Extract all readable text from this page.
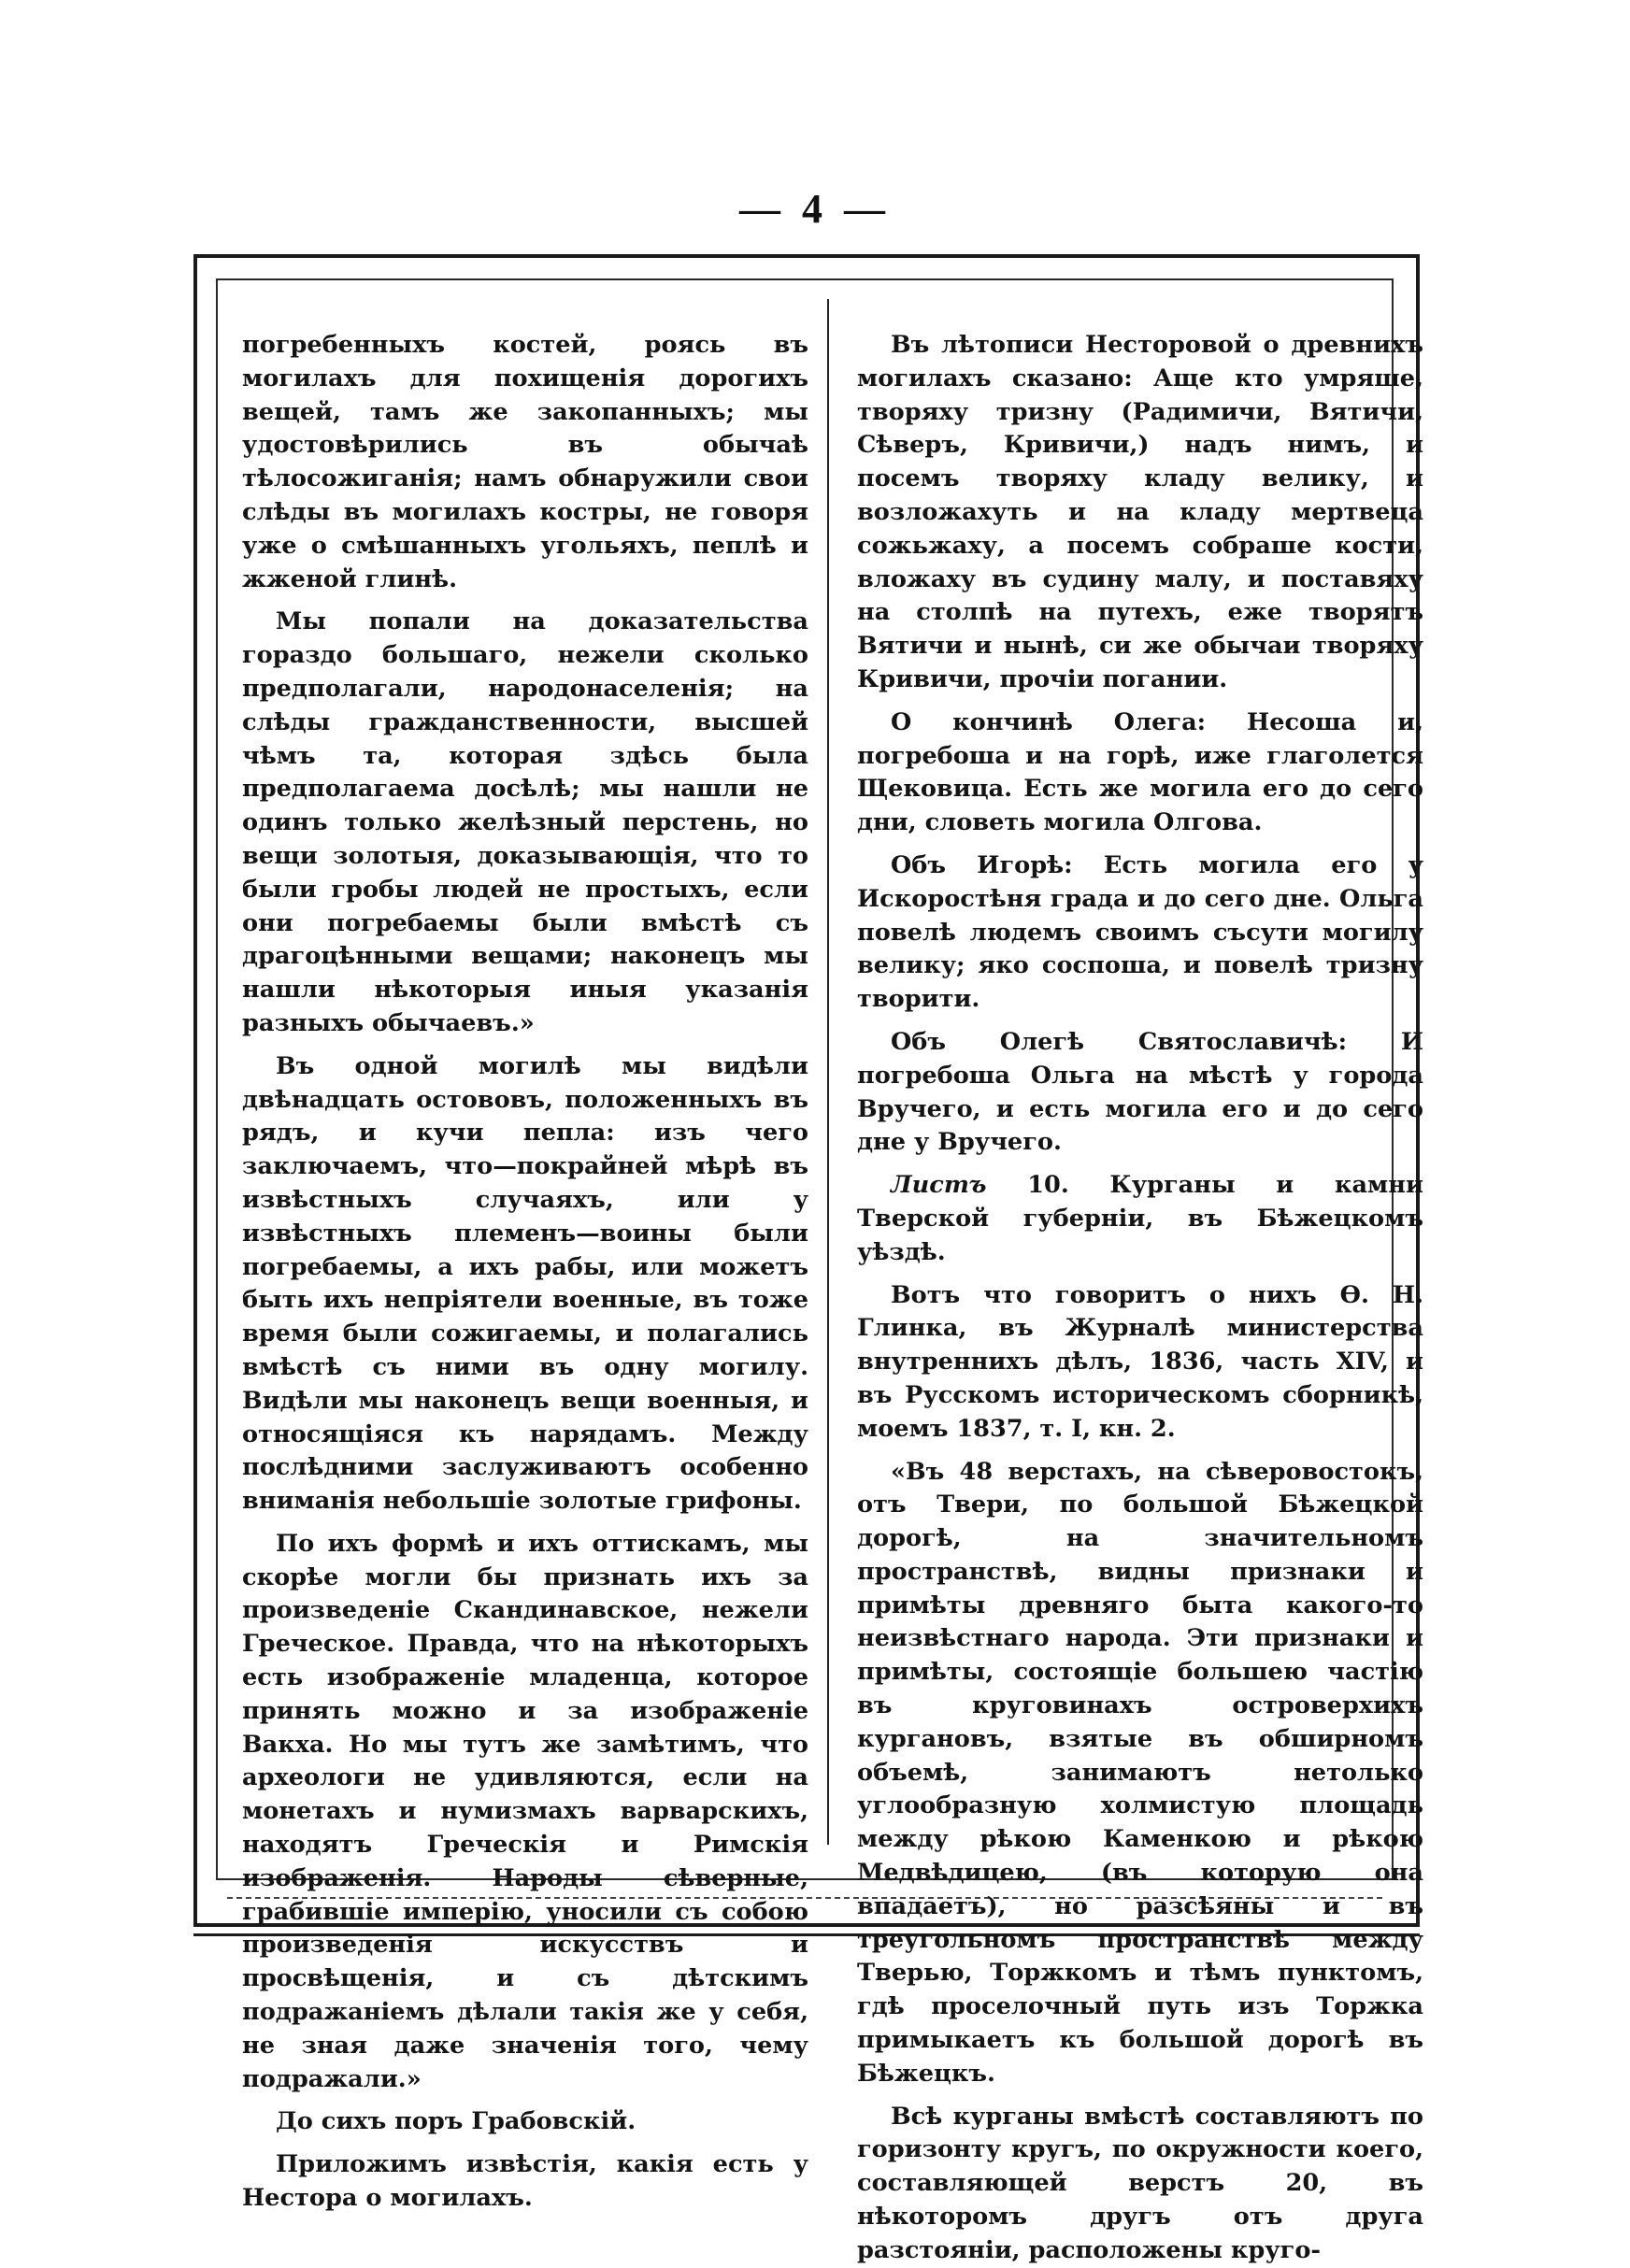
— 4 —

погребенныхъ костей, роясь въ могилахъ для похищенія дорогихъ вещей, тамъ же закопанныхъ; мы удостовѣрились въ обычаѣ тѣлосожиганія; намъ обнаружили свои слѣды въ могилахъ костры, не говоря уже о смѣшанныхъ угольяхъ, пеплѣ и жженой глинѣ.

Мы попали на доказательства гораздо большаго, нежели сколько предполагали, народонаселенія; на слѣды гражданственности, высшей чѣмъ та, которая здѣсь была предполагаема досѣлѣ; мы нашли не одинъ только желѣзный перстень, но вещи золотыя, доказывающія, что то были гробы людей не простыхъ, если они погребаемы были вмѣстѣ съ драгоцѣнными вещами; наконецъ мы нашли нѣкоторыя иныя указанія разныхъ обычаевъ.»

Въ одной могилѣ мы видѣли двѣнадцать остововъ, положенныхъ въ рядъ, и кучи пепла: изъ чего заключаемъ, что—покрайней мѣрѣ въ извѣстныхъ случаяхъ, или у извѣстныхъ племенъ—воины были погребаемы, а ихъ рабы, или можетъ быть ихъ непріятели военные, въ тоже время были сожигаемы, и полагались вмѣстѣ съ ними въ одну могилу. Видѣли мы наконецъ вещи военныя, и относящіяся къ нарядамъ. Между послѣдними заслуживаютъ особенно вниманія небольшіе золотые грифоны.

По ихъ формѣ и ихъ оттискамъ, мы скорѣе могли бы признать ихъ за произведеніе Скандинавское, нежели Греческое. Правда, что на нѣкоторыхъ есть изображеніе младенца, которое принять можно и за изображеніе Вакха. Но мы тутъ же замѣтимъ, что археологи не удивляются, если на монетахъ и нумизмахъ варварскихъ, находятъ Греческія и Римскія изображенія. Народы сѣверные, грабившіе имперію, уносили съ собою произведенія искусствъ и просвѣщенія, и съ дѣтскимъ подражаніемъ дѣлали такія же у себя, не зная даже значенія того, чему подражали.»

До сихъ поръ Грабовскій.

Приложимъ извѣстія, какія есть у Нестора о могилахъ.

Въ лѣтописи Несторовой о древнихъ могилахъ сказано: Аще кто умряше, творяху тризну (Радимичи, Вятичи, Сѣверъ, Кривичи,) надъ нимъ, и посемъ творяху кладу велику, и возложахуть и на кладу мертвеца сожьжаху, а посемъ собраше кости, вложаху въ судину малу, и поставяху на столпѣ на путехъ, еже творятъ Вятичи и нынѣ, си же обычаи творяху Кривичи, прочіи погании.

О кончинѣ Олега: Несоша и, погребоша и на горѣ, иже глаголется Щековица. Есть же могила его до сего дни, словеть могила Олгова.

Объ Игорѣ: Есть могила его у Искоростѣня града и до сего дне. Ольга повелѣ людемъ своимъ съсути могилу велику; яко соспоша, и повелѣ тризну творити.

Объ Олегѣ Святославичѣ: И погребоша Ольга на мѣстѣ у города Вручего, и есть могила его и до сего дне у Вручего.

Листъ 10. Курганы и камни Тверской губерніи, въ Бѣжецкомъ уѣздѣ.

Вотъ что говоритъ о нихъ Ѳ. Н. Глинка, въ Журналѣ министерства внутреннихъ дѣлъ, 1836, часть XIV, и въ Русскомъ историческомъ сборникѣ, моемъ 1837, т. I, кн. 2.

«Въ 48 верстахъ, на сѣверовостокъ, отъ Твери, по большой Бѣжецкой дорогѣ, на значительномъ пространствѣ, видны признаки и примѣты древняго быта какого-то неизвѣстнаго народа. Эти признаки и примѣты, состоящіе большею частію въ круговинахъ островерхихъ кургановъ, взятые въ обширномъ объемѣ, занимаютъ нетолько углообразную холмистую площадь между рѣкою Каменкою и рѣкою Медвѣдицею, (въ которую она впадаетъ), но разсѣяны и въ треугольномъ пространствѣ между Тверью, Торжкомъ и тѣмъ пунктомъ, гдѣ проселочный путь изъ Торжка примыкаетъ къ большой дорогѣ въ Бѣжецкъ.

Всѣ курганы вмѣстѣ составляютъ по горизонту кругъ, по окружности коего, составляющей верстъ 20, въ нѣкоторомъ другъ отъ друга разстояніи, расположены круго-
